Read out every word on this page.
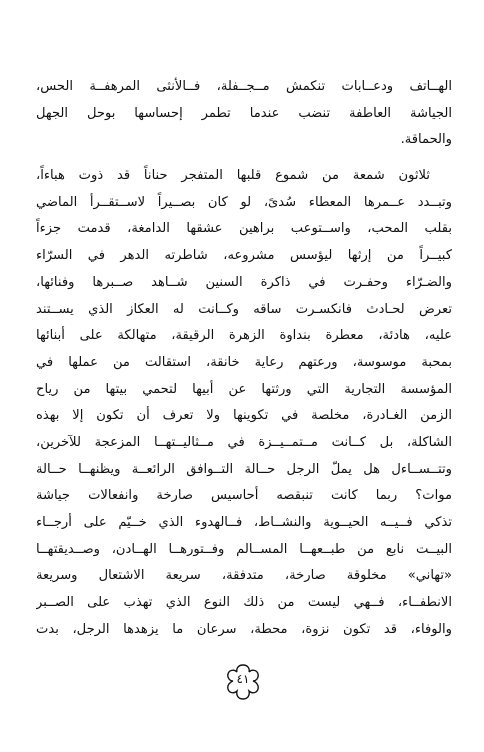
الهــاتف ودعــابات تنكمش مــجــفلة، فــالأنثى المرهفــة الحس،
الجياشة العاطفة تنضب عندما تطمر إحساسها بوحل الجهل
والحماقة.
ثلاثون شمعة من شموع قلبها المتفجر حناناً قد ذوت هباءاً،
وتبــدد عــمرها المعطاء سُدىً، لو كان بصــيراً لاســتقــرأ الماضي
بقلب المحب، واســتوعب براهين عشقها الدامغة، قدمت جزءاً
كبيــراً من إرثها ليؤسس مشروعه، شاطرته الدهر في السرّاء
والضـرّاء وحفـرت في ذاكرة السنين شــاهد صــبرها وفنائها،
تعرض لحـادث فانكسـرت ساقه وكــانت له العكاز الذي يســتند
عليه، هادئة، معطرة بنداوة الزهرة الرقيقة، متهالكة على أبنائها
بمحبة موسوسة، ورعتهم رعاية خانقة، استقالت من عملها في
المؤسسة التجارية التي ورثتها عن أبيها لتحمي بيتها من رياح
الزمن الغـادرة، مخلصة في تكوينها ولا تعرف أن تكون إلا بهذه
الشاكلة، بل كــانت مــتمــيــزة في مــثاليــتهــا المزعجة للآخرين،
وتتــســاءل هل يملّ الرجل حــالة التــوافق الرائعــة ويظنهــا حــالة
موات؟ ربما كانت تنبقصه أحاسيس صارخة وانفعالات جياشة
تذكي فــيــه الحيــوية والنشــاط، فــالهدوء الذي خــيّم على أرجــاء
البيــت نابع من طبــعهــا المســالم وفــتورهــا الهــادن، وصــديقتهــا
«تهاني» مخلوقة صارخة، متدفقة، سريعة الاشتعال وسريعة
الانطفــاء، فــهي ليست من ذلك النوع الذي تهذب على الصــبر
والوفاء، قد تكون نزوة، محطة، سرعان ما يزهدها الرجل، بدت
٤١
